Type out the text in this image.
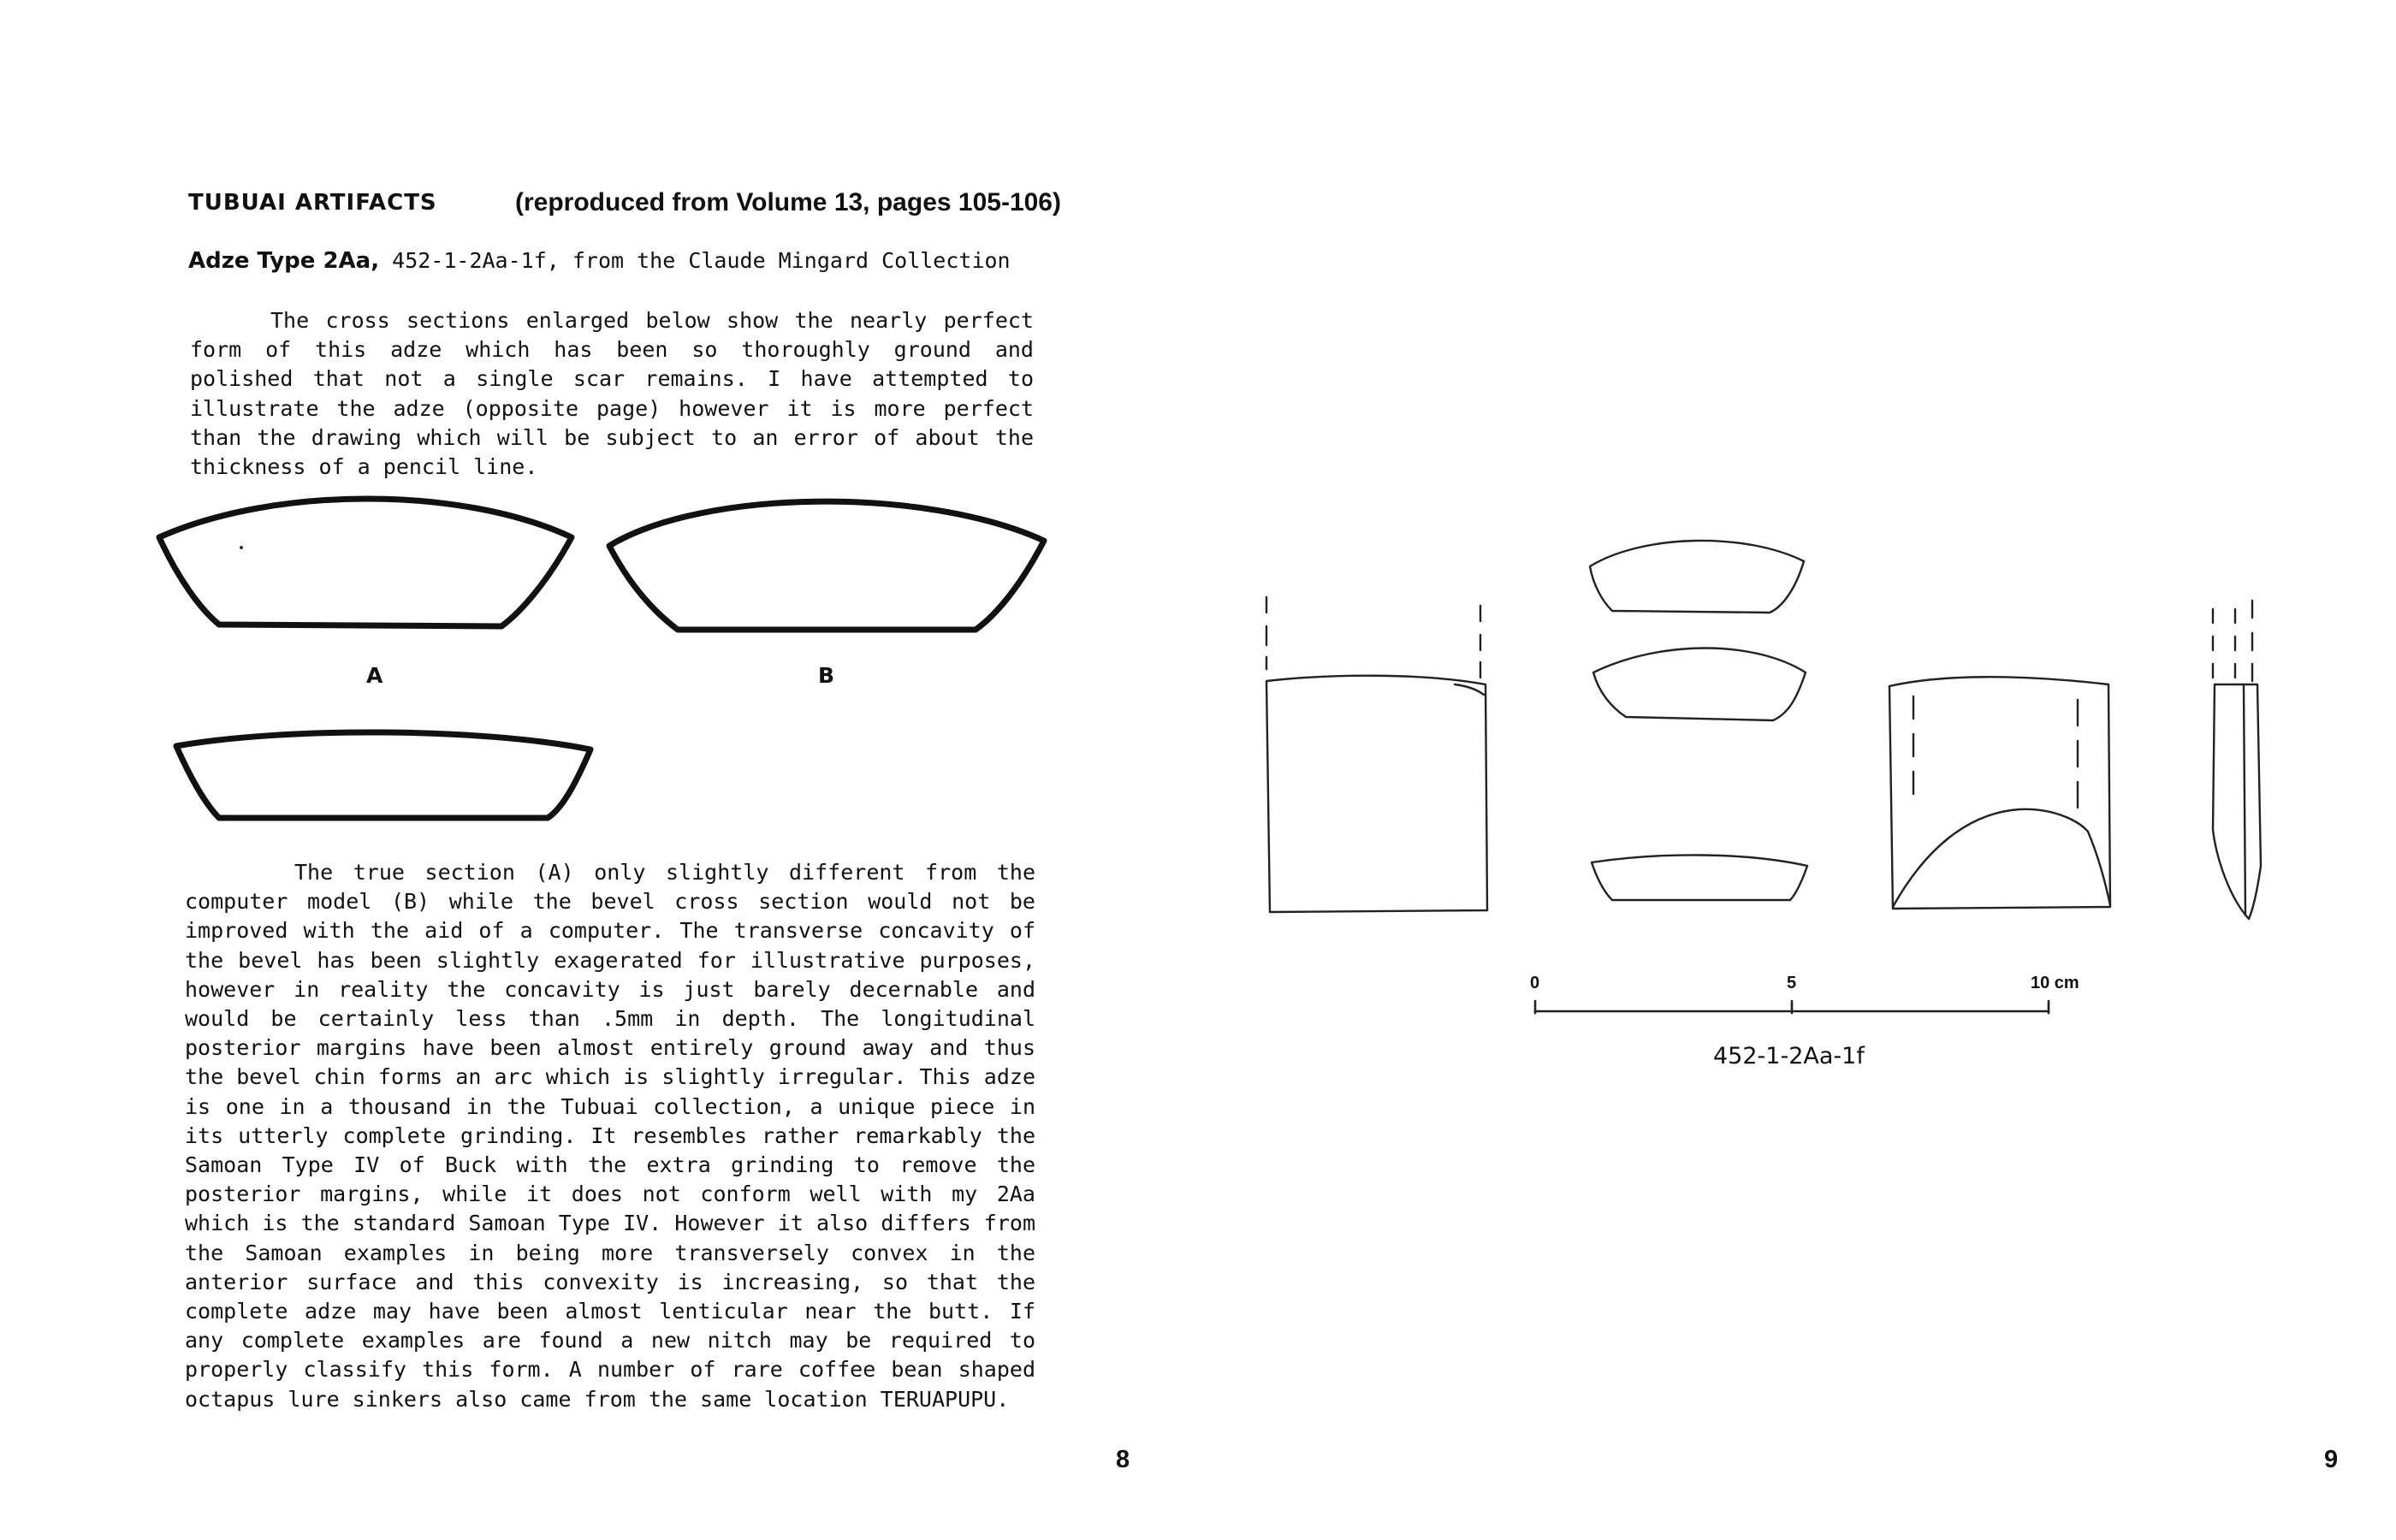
TUBUAI ARTIFACTS	(reproduced from Volume 13, pages 105-106)
Adze Type 2Aa, 452-1-2Aa-1f, from the Claude Mingard Collection

The cross sections enlarged below show the nearly perfect form of this adze which has been so thoroughly ground and polished that not a single scar remains. I have attempted to illustrate the adze (opposite page) however it is more perfect than the drawing which will be subject to an error of about the thickness of a pencil line.

A	B

The true section (A) only slightly different from the computer model (B) while the bevel cross section would not be improved with the aid of a computer. The transverse concavity of the bevel has been slightly exagerated for illustrative purposes, however in reality the concavity is just barely decernable and would be certainly less than .5mm in depth. The longitudinal posterior margins have been almost entirely ground away and thus the bevel chin forms an arc which is slightly irregular. This adze is one in a thousand in the Tubuai collection, a unique piece in its utterly complete grinding. It resembles rather remarkably the Samoan Type IV of Buck with the extra grinding to remove the posterior margins, while it does not conform well with my 2Aa which is the standard Samoan Type IV. However it also differs from the Samoan examples in being more transversely convex in the anterior surface and this convexity is increasing, so that the complete adze may have been almost lenticular near the butt. If any complete examples are found a new nitch may be required to properly classify this form. A number of rare coffee bean shaped octapus lure sinkers also came from the same location TERUAPUPU.

8
0	5	10 cm
452-1-2Aa-1f
9
